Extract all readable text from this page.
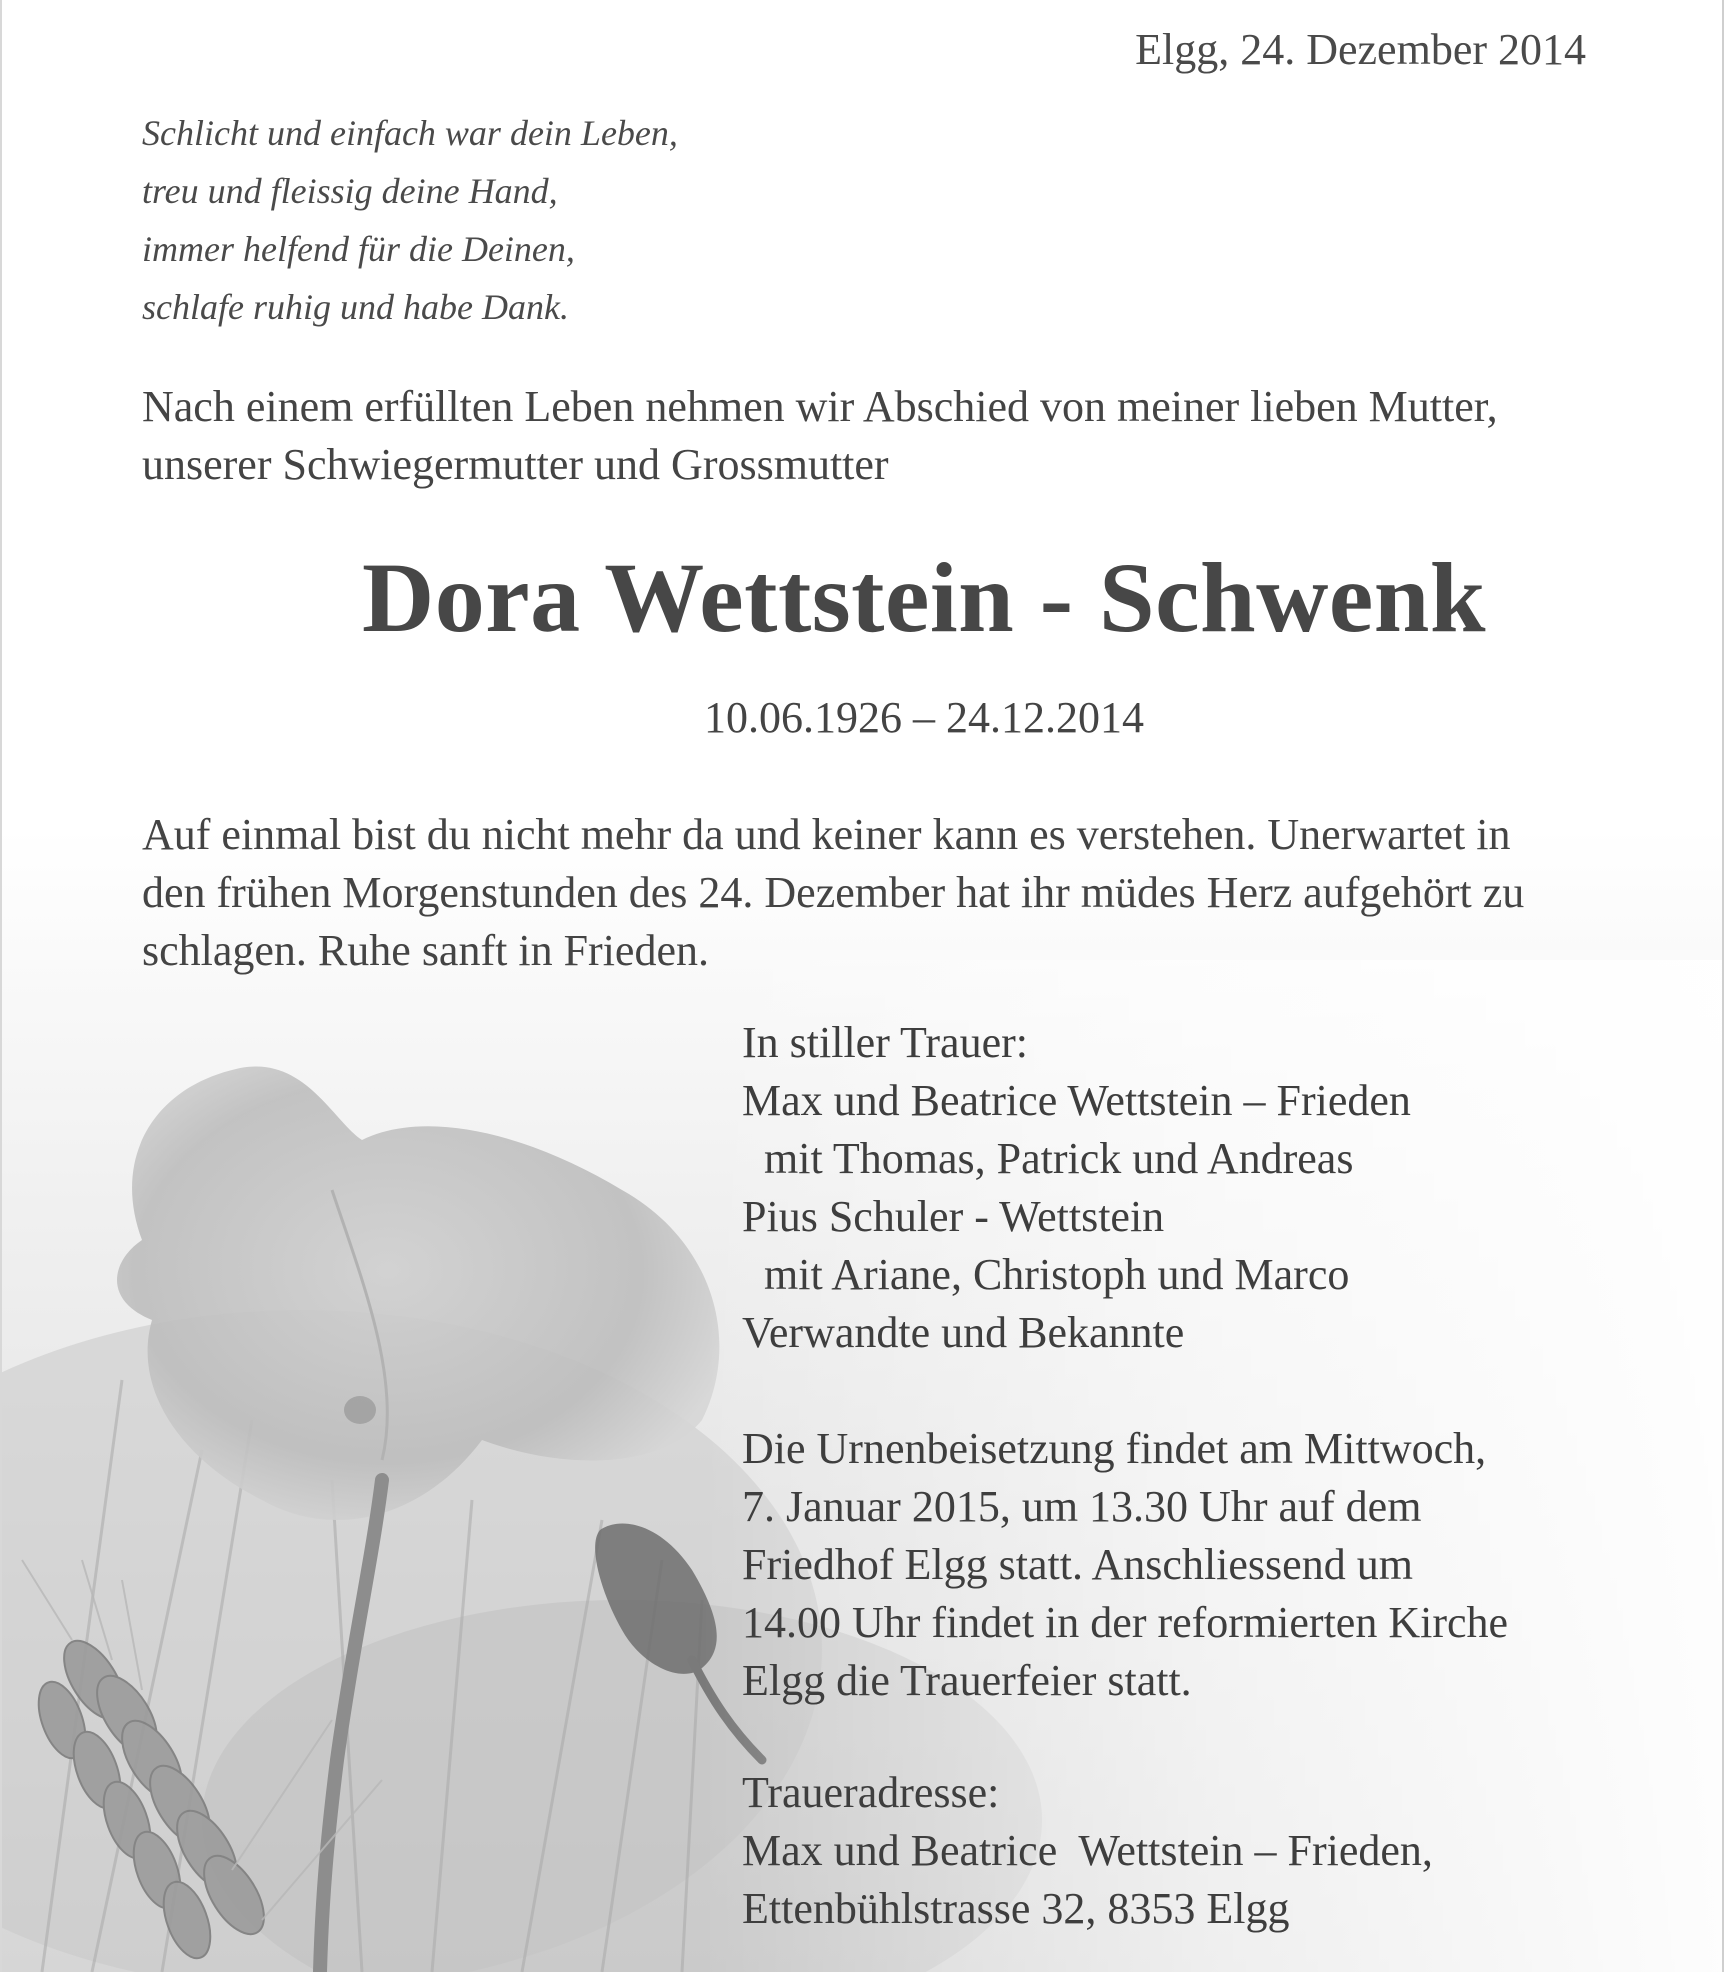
Elgg, 24. Dezember 2014
Schlicht und einfach war dein Leben,
treu und fleissig deine Hand,
immer helfend für die Deinen,
schlafe ruhig und habe Dank.
Nach einem erfüllten Leben nehmen wir Abschied von meiner lieben Mutter,
unserer Schwiegermutter und Grossmutter
Dora Wettstein - Schwenk
10.06.1926 – 24.12.2014
Auf einmal bist du nicht mehr da und keiner kann es verstehen. Unerwartet in
den frühen Morgenstunden des 24. Dezember hat ihr müdes Herz aufgehört zu
schlagen. Ruhe sanft in Frieden.
In stiller Trauer:
Max und Beatrice Wettstein – Frieden
mit Thomas, Patrick und Andreas
Pius Schuler - Wettstein
mit Ariane, Christoph und Marco
Verwandte und Bekannte
Die Urnenbeisetzung findet am Mittwoch,
7. Januar 2015, um 13.30 Uhr auf dem
Friedhof Elgg statt. Anschliessend um
14.00 Uhr findet in der reformierten Kirche
Elgg die Trauerfeier statt.
Traueradresse:
Max und Beatrice  Wettstein – Frieden,
Ettenbühlstrasse 32, 8353 Elgg
